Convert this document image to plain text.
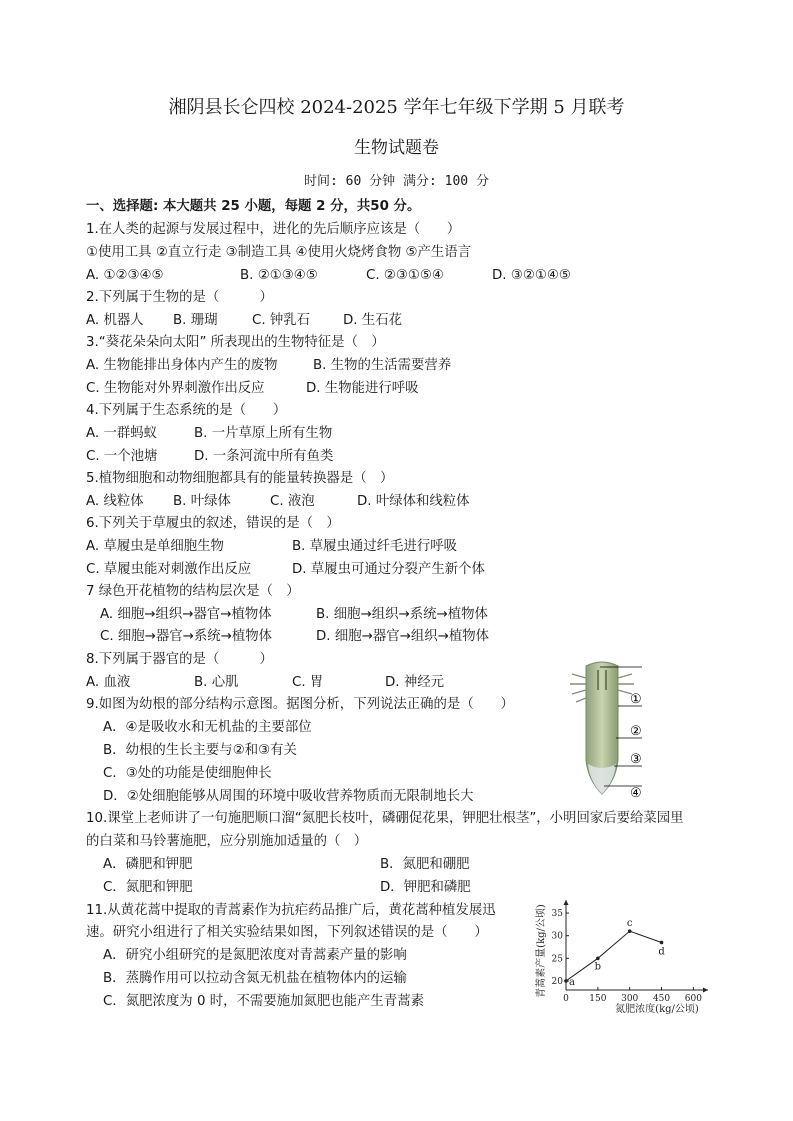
湘阴县长仑四校 2024-2025 学年七年级下学期 5 月联考
生物试题卷
时间: 60 分钟 满分: 100 分
一、选择题: 本大题共 25 小题，每题 2 分，共50 分。
1.在人类的起源与发展过程中，进化的先后顺序应该是（　　）
①使用工具 ②直立行走 ③制造工具 ④使用火烧烤食物 ⑤产生语言
A. ①②③④⑤	B. ②①③④⑤	C. ②③①⑤④	D. ③②①④⑤
2.下列属于生物的是（　　　）
A. 机器人 B. 珊瑚	C. 钟乳石 D. 生石花
3.“葵花朵朵向太阳” 所表现出的生物特征是（　）
A. 生物能排出身体内产生的废物	B. 生物的生活需要营养
C. 生物能对外界刺激作出反应	D. 生物能进行呼吸
4.下列属于生态系统的是（　　）
A. 一群蚂蚁	B. 一片草原上所有生物
C. 一个池塘	D. 一条河流中所有鱼类
5.植物细胞和动物细胞都具有的能量转换器是（　）
A. 线粒体 B. 叶绿体	C. 液泡	D. 叶绿体和线粒体
6.下列关于草履虫的叙述，错误的是（　）
A. 草履虫是单细胞生物	B. 草履虫通过纤毛进行呼吸
C. 草履虫能对刺激作出反应	D. 草履虫可通过分裂产生新个体
7 绿色开花植物的结构层次是（　）
A. 细胞→组织→器官→植物体	B. 细胞→组织→系统→植物体
C. 细胞→器官→系统→植物体	D. 细胞→器官→组织→植物体
8.下列属于器官的是（　　　）
A. 血液	B. 心肌	C. 胃	D. 神经元
9.如图为幼根的部分结构示意图。据图分析，下列说法正确的是（　　）
A．④是吸收水和无机盐的主要部位
B．幼根的生长主要与②和③有关
C．③处的功能是使细胞伸长
D．②处细胞能够从周围的环境中吸收营养物质而无限制地长大
10.课堂上老师讲了一句施肥顺口溜“氮肥长枝叶，磷硼促花果，钾肥壮根茎”，小明回家后要给菜园里
的白菜和马铃薯施肥，应分别施加适量的（　）
A．磷肥和钾肥	B．氮肥和硼肥
C．氮肥和钾肥	D．钾肥和磷肥
11.从黄花蒿中提取的青蒿素作为抗疟药品推广后，黄花蒿种植发展迅
速。研究小组进行了相关实验结果如图，下列叙述错误的是（　　）
A．研究小组研究的是氮肥浓度对青蒿素产量的影响
B．蒸腾作用可以拉动含氮无机盐在植物体内的运输
C．氮肥浓度为 0 时，不需要施加氮肥也能产生青蒿素
①
②
③
④
0 150 300 450 600
20
25
30
35
a
b
c
d
氮肥浓度(kg/公顷)
青蒿素产量(kg/公顷)
